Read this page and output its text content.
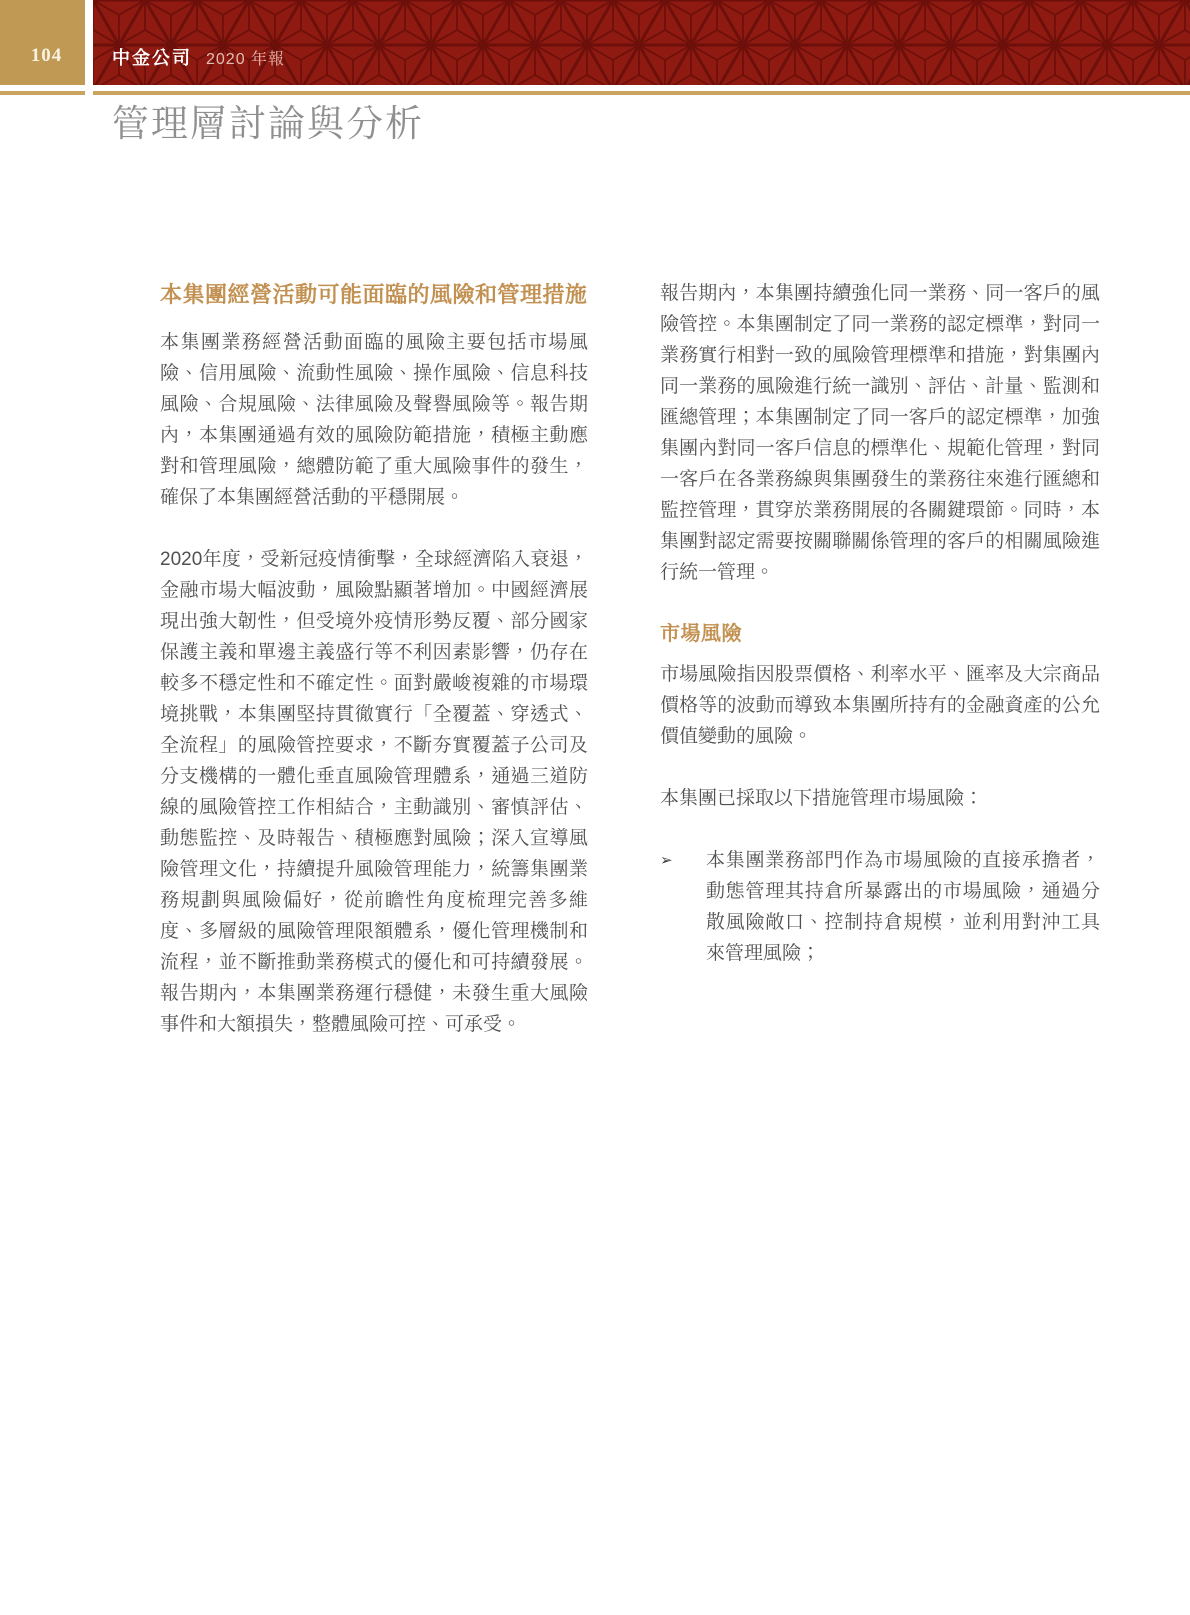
104	中金公司 2020 年報
管理層討論與分析
本集團經營活動可能面臨的風險和管理措施

本集團業務經營活動面臨的風險主要包括市場風險、信用風險、流動性風險、操作風險、信息科技風險、合規風險、法律風險及聲譽風險等。報告期內，本集團通過有效的風險防範措施，積極主動應對和管理風險，總體防範了重大風險事件的發生，確保了本集團經營活動的平穩開展。

2020年度，受新冠疫情衝擊，全球經濟陷入衰退，金融市場大幅波動，風險點顯著增加。中國經濟展現出強大韌性，但受境外疫情形勢反覆、部分國家保護主義和單邊主義盛行等不利因素影響，仍存在較多不穩定性和不確定性。面對嚴峻複雜的市場環境挑戰，本集團堅持貫徹實行「全覆蓋、穿透式、全流程」的風險管控要求，不斷夯實覆蓋子公司及分支機構的一體化垂直風險管理體系，通過三道防線的風險管控工作相結合，主動識別、審慎評估、動態監控、及時報告、積極應對風險；深入宣導風險管理文化，持續提升風險管理能力，統籌集團業務規劃與風險偏好，從前瞻性角度梳理完善多維度、多層級的風險管理限額體系，優化管理機制和流程，並不斷推動業務模式的優化和可持續發展。報告期內，本集團業務運行穩健，未發生重大風險事件和大額損失，整體風險可控、可承受。

報告期內，本集團持續強化同一業務、同一客戶的風險管控。本集團制定了同一業務的認定標準，對同一業務實行相對一致的風險管理標準和措施，對集團內同一業務的風險進行統一識別、評估、計量、監測和匯總管理；本集團制定了同一客戶的認定標準，加強集團內對同一客戶信息的標準化、規範化管理，對同一客戶在各業務線與集團發生的業務往來進行匯總和監控管理，貫穿於業務開展的各關鍵環節。同時，本集團對認定需要按關聯關係管理的客戶的相關風險進行統一管理。

市場風險

市場風險指因股票價格、利率水平、匯率及大宗商品價格等的波動而導致本集團所持有的金融資產的公允價值變動的風險。

本集團已採取以下措施管理市場風險：

➢	本集團業務部門作為市場風險的直接承擔者，動態管理其持倉所暴露出的市場風險，通過分散風險敞口、控制持倉規模，並利用對沖工具來管理風險；
